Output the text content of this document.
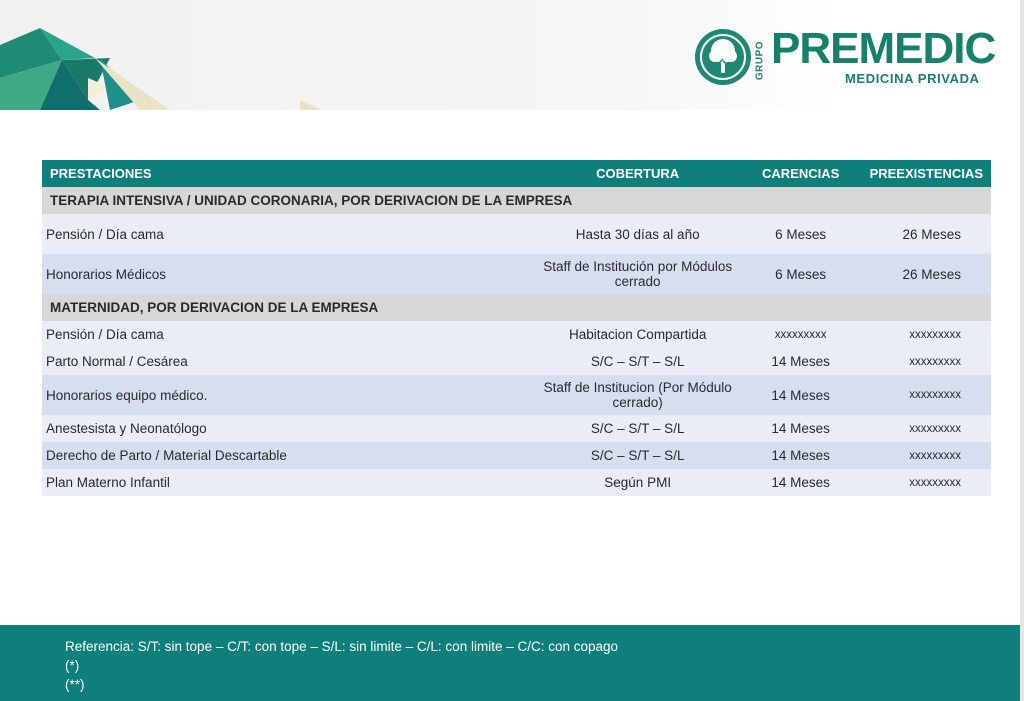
GRUPO PREMEDIC
MEDICINA PRIVADA
PRESTACIONES	COBERTURA	CARENCIAS	PREEXISTENCIAS
TERAPIA INTENSIVA / UNIDAD CORONARIA, POR DERIVACION DE LA EMPRESA			
Pensión / Día cama	Hasta 30 días al año	6 Meses	26 Meses
Honorarios Médicos	Staff de Institución por Módulos cerrado	6 Meses	26 Meses
MATERNIDAD, POR DERIVACION DE LA EMPRESA			
Pensión / Día cama	Habitacion Compartida	xxxxxxxxx	xxxxxxxxx
Parto Normal / Cesárea	S/C – S/T – S/L	14 Meses	xxxxxxxxx
Honorarios equipo médico.	Staff de Institucion (Por Módulo cerrado)	14 Meses	xxxxxxxxx
Anestesista y Neonatólogo	S/C – S/T – S/L	14 Meses	xxxxxxxxx
Derecho de Parto / Material Descartable	S/C – S/T – S/L	14 Meses	xxxxxxxxx
Plan Materno Infantil	Según PMI	14 Meses	xxxxxxxxx
Referencia: S/T: sin tope – C/T: con tope – S/L: sin limite – C/L: con limite – C/C: con copago
(*)
(**)
